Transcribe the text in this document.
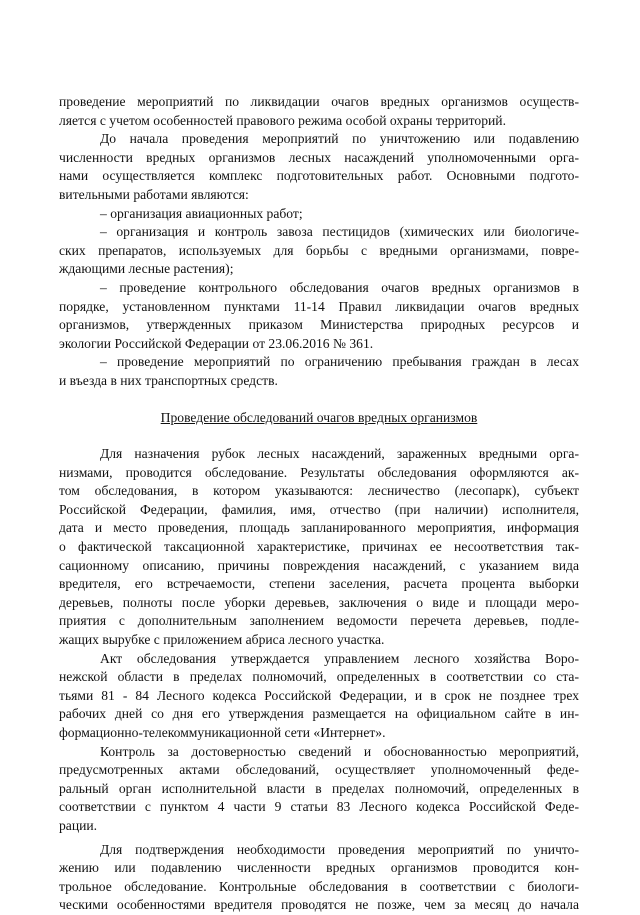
проведение мероприятий по ликвидации очагов вредных организмов осуществ-
ляется с учетом особенностей правового режима особой охраны территорий.
До начала проведения мероприятий по уничтожению или подавлению
численности вредных организмов лесных насаждений уполномоченными орга-
нами осуществляется комплекс подготовительных работ. Основными подгото-
вительными работами являются:
– организация авиационных работ;
– организация и контроль завоза пестицидов (химических или биологиче-
ских препаратов, используемых для борьбы с вредными организмами, повре-
ждающими лесные растения);
– проведение контрольного обследования очагов вредных организмов в
порядке, установленном пунктами 11-14 Правил ликвидации очагов вредных
организмов, утвержденных приказом Министерства природных ресурсов и
экологии Российской Федерации от 23.06.2016 № 361.
– проведение мероприятий по ограничению пребывания граждан в лесах
и въезда в них транспортных средств.
Проведение обследований очагов вредных организмов
Для назначения рубок лесных насаждений, зараженных вредными орга-
низмами, проводится обследование. Результаты обследования оформляются ак-
том обследования, в котором указываются: лесничество (лесопарк), субъект
Российской Федерации, фамилия, имя, отчество (при наличии) исполнителя,
дата и место проведения, площадь запланированного мероприятия, информация
о фактической таксационной характеристике, причинах ее несоответствия так-
сационному описанию, причины повреждения насаждений, с указанием вида
вредителя, его встречаемости, степени заселения, расчета процента выборки
деревьев, полноты после уборки деревьев, заключения о виде и площади меро-
приятия с дополнительным заполнением ведомости перечета деревьев, подле-
жащих вырубке с приложением абриса лесного участка.
Акт обследования утверждается управлением лесного хозяйства Воро-
нежской области в пределах полномочий, определенных в соответствии со ста-
тьями 81 - 84 Лесного кодекса Российской Федерации, и в срок не позднее трех
рабочих дней со дня его утверждения размещается на официальном сайте в ин-
формационно-телекоммуникационной сети «Интернет».
Контроль за достоверностью сведений и обоснованностью мероприятий,
предусмотренных актами обследований, осуществляет уполномоченный феде-
ральный орган исполнительной власти в пределах полномочий, определенных в
соответствии с пунктом 4 части 9 статьи 83 Лесного кодекса Российской Феде-
рации.
Для подтверждения необходимости проведения мероприятий по уничто-
жению или подавлению численности вредных организмов проводится кон-
трольное обследование. Контрольные обследования в соответствии с биологи-
ческими особенностями вредителя проводятся не позже, чем за месяц до начала
